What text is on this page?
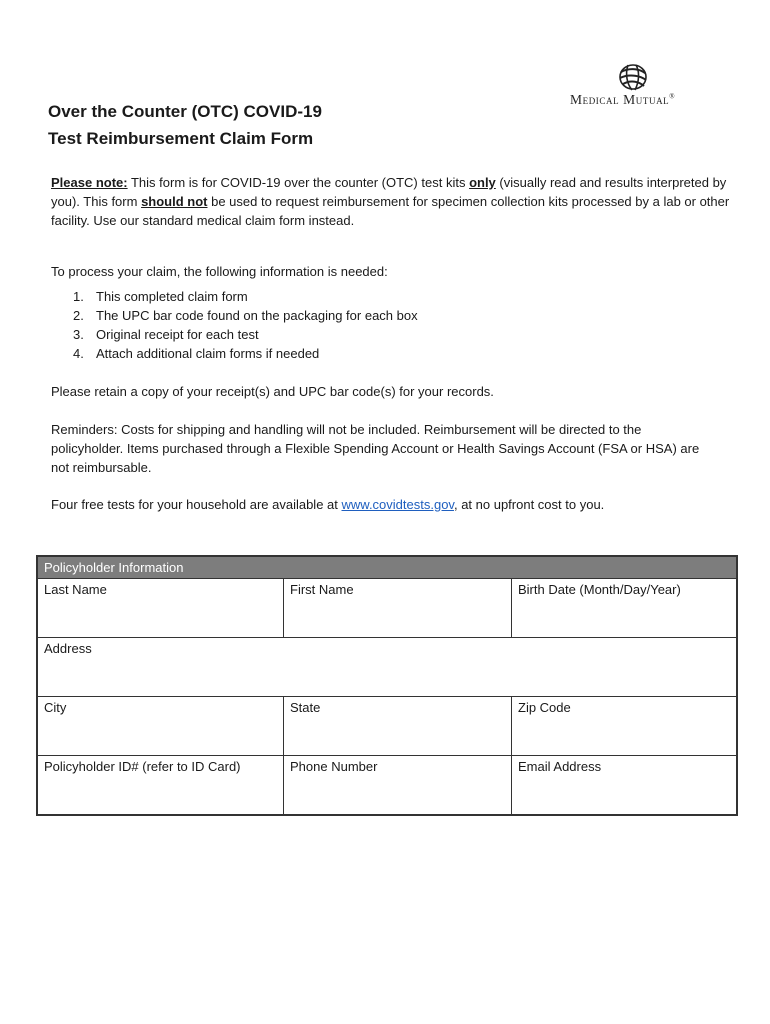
Medical Mutual®
Over the Counter (OTC) COVID-19
Test Reimbursement Claim Form
Please note: This form is for COVID-19 over the counter (OTC) test kits only (visually read and results interpreted by you). This form should not be used to request reimbursement for specimen collection kits processed by a lab or other facility. Use our standard medical claim form instead.
To process your claim, the following information is needed:
1. This completed claim form
2. The UPC bar code found on the packaging for each box
3. Original receipt for each test
4. Attach additional claim forms if needed
Please retain a copy of your receipt(s) and UPC bar code(s) for your records.
Reminders: Costs for shipping and handling will not be included. Reimbursement will be directed to the policyholder. Items purchased through a Flexible Spending Account or Health Savings Account (FSA or HSA) are not reimbursable.
Four free tests for your household are available at www.covidtests.gov, at no upfront cost to you.
Policyholder Information
Last Name	First Name	Birth Date (Month/Day/Year)
Address
City	State	Zip Code
Policyholder ID# (refer to ID Card)	Phone Number	Email Address
